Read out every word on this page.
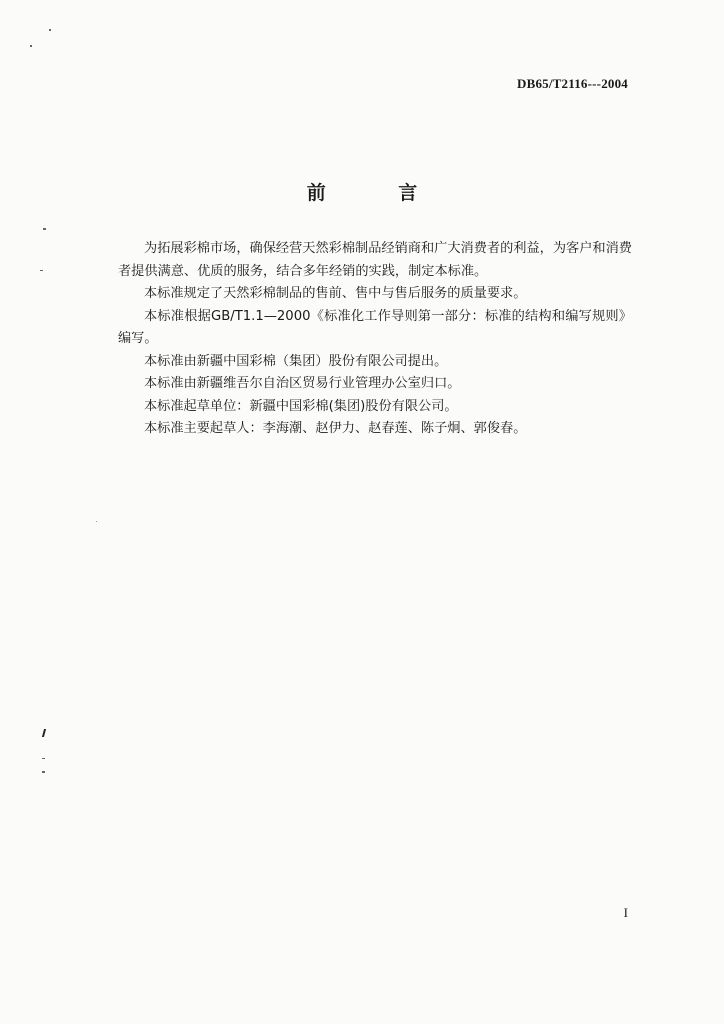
DB65/T2116---2004
前 言

为拓展彩棉市场，确保经营天然彩棉制品经销商和广大消费者的利益，为客户和消费者提供满意、优质的服务，结合多年经销的实践，制定本标准。

本标准规定了天然彩棉制品的售前、售中与售后服务的质量要求。

本标准根据GB/T1.1—2000《标准化工作导则第一部分：标准的结构和编写规则》编写。

本标准由新疆中国彩棉（集团）股份有限公司提出。

本标准由新疆维吾尔自治区贸易行业管理办公室归口。

本标准起草单位：新疆中国彩棉(集团)股份有限公司。

本标准主要起草人：李海潮、赵伊力、赵春莲、陈子炯、郭俊春。

I
